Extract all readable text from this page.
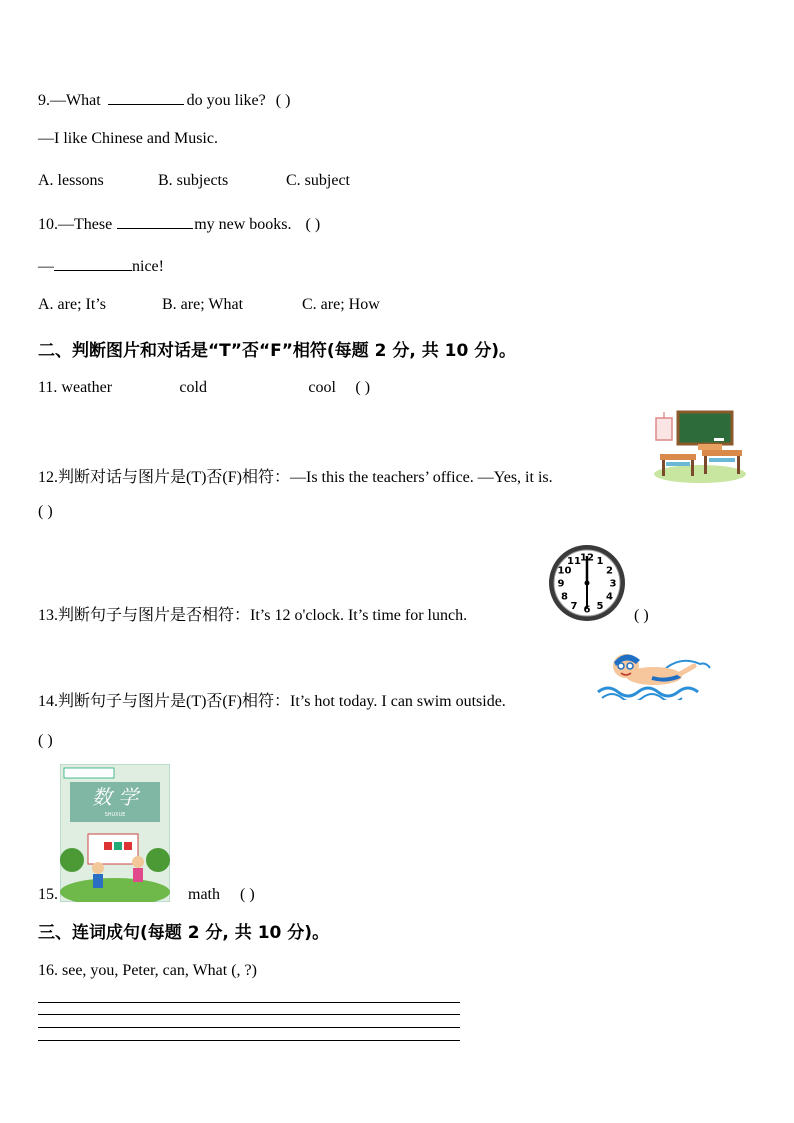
9.—What	do you like? ( )
—I like Chinese and Music.
A. lessons	B. subjects	C. subject
10.—These	my new books. ( )
—	nice!
A. are; It’s	B. are; What	C. are; How
二、判断图片和对话是“T”否“F”相符(每题 2 分, 共 10 分)。
11. weather	cold	cool ( )
12.判断对话与图片是(T)否(F)相符：—Is this the teachers’ office. —Yes, it is.
( )
12 1
2
3
4
5
6
7
8
9
10
11
13.判断句子与图片是否相符：It’s 12 o'clock. It’s time for lunch.	( )
14.判断句子与图片是(T)否(F)相符：It’s hot today. I can swim outside.
( )
数 学
SHUXUE
15.	math ( )
三、连词成句(每题 2 分, 共 10 分)。
16. see, you, Peter, can, What (, ?)
